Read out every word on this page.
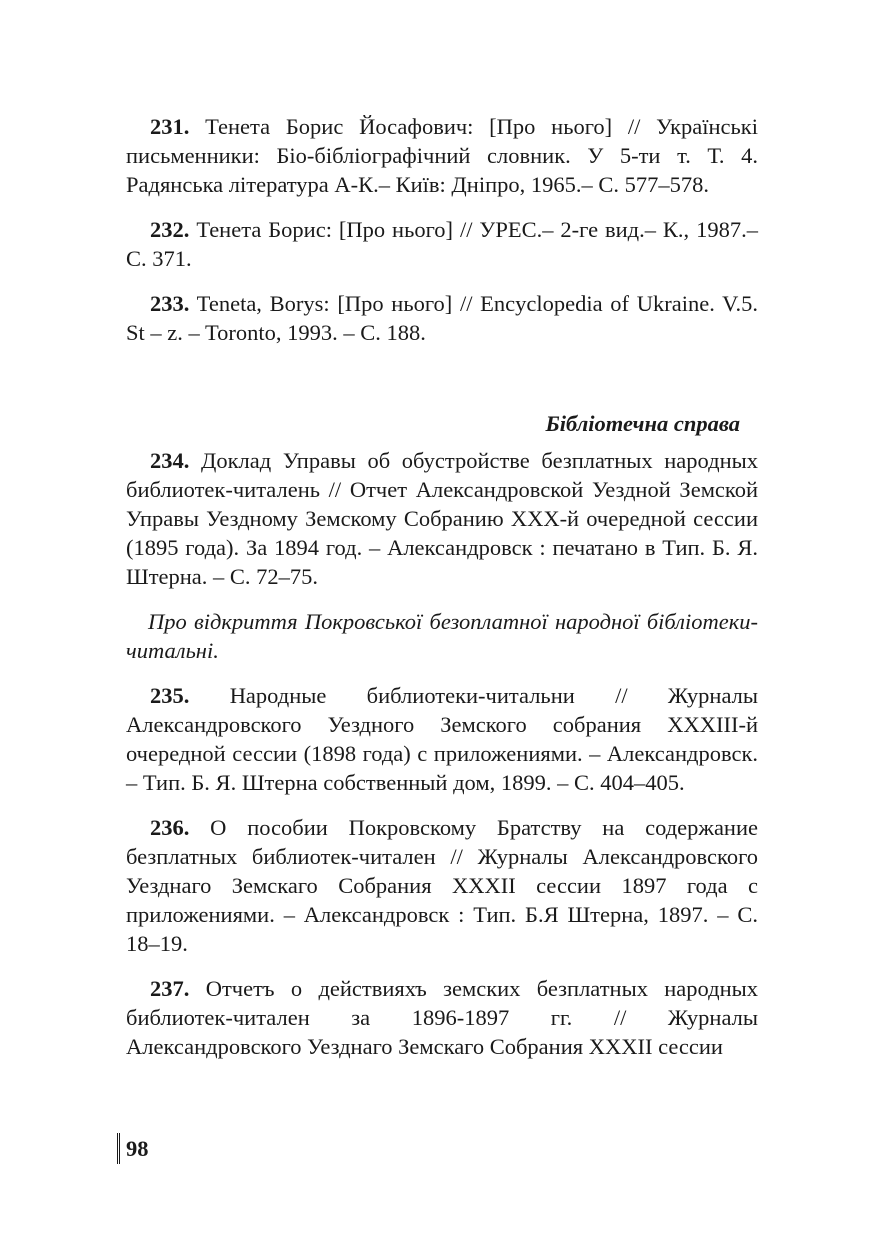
231. Тенета Борис Йосафович: [Про нього] // Українські письменники: Біо-бібліографічний словник. У 5-ти т. Т. 4. Радянська література А-К.– Київ: Дніпро, 1965.– С. 577–578.

232. Тенета Борис: [Про нього] // УРЕС.– 2-ге вид.– К., 1987.– С. 371.

233. Teneta, Borys: [Про нього] // Encyclopedia of Ukraine. V.5. St – z. – Toronto, 1993. – С. 188.

Бібліотечна справа

234. Доклад Управы об обустройстве безплатных народных библиотек-читалень // Отчет Александровской Уездной Земской Управы Уездному Земскому Собранию XXX-й очередной сессии (1895 года). За 1894 год. – Александровск : печатано в Тип. Б. Я. Штерна. – С. 72–75.

Про відкриття Покровської безоплатної народної бібліотеки-читальні.

235. Народные библиотеки-читальни // Журналы Александровского Уездного Земского собрания XXXIII-й очередной сессии (1898 года) с приложениями. – Александровск. – Тип. Б. Я. Штерна собственный дом, 1899. – С. 404–405.

236. О пособии Покровскому Братству на содержание безплатных библиотек-читален // Журналы Александровского Уезднаго Земскаго Собрания XXXII сессии 1897 года с приложениями. – Александровск : Тип. Б.Я Штерна, 1897. – С. 18–19.

237. Отчетъ о действияхъ земских безплатных народных библиотек-читален за 1896-1897 гг. // Журналы Александровского Уезднаго Земскаго Собрания XXXII сессии

98
